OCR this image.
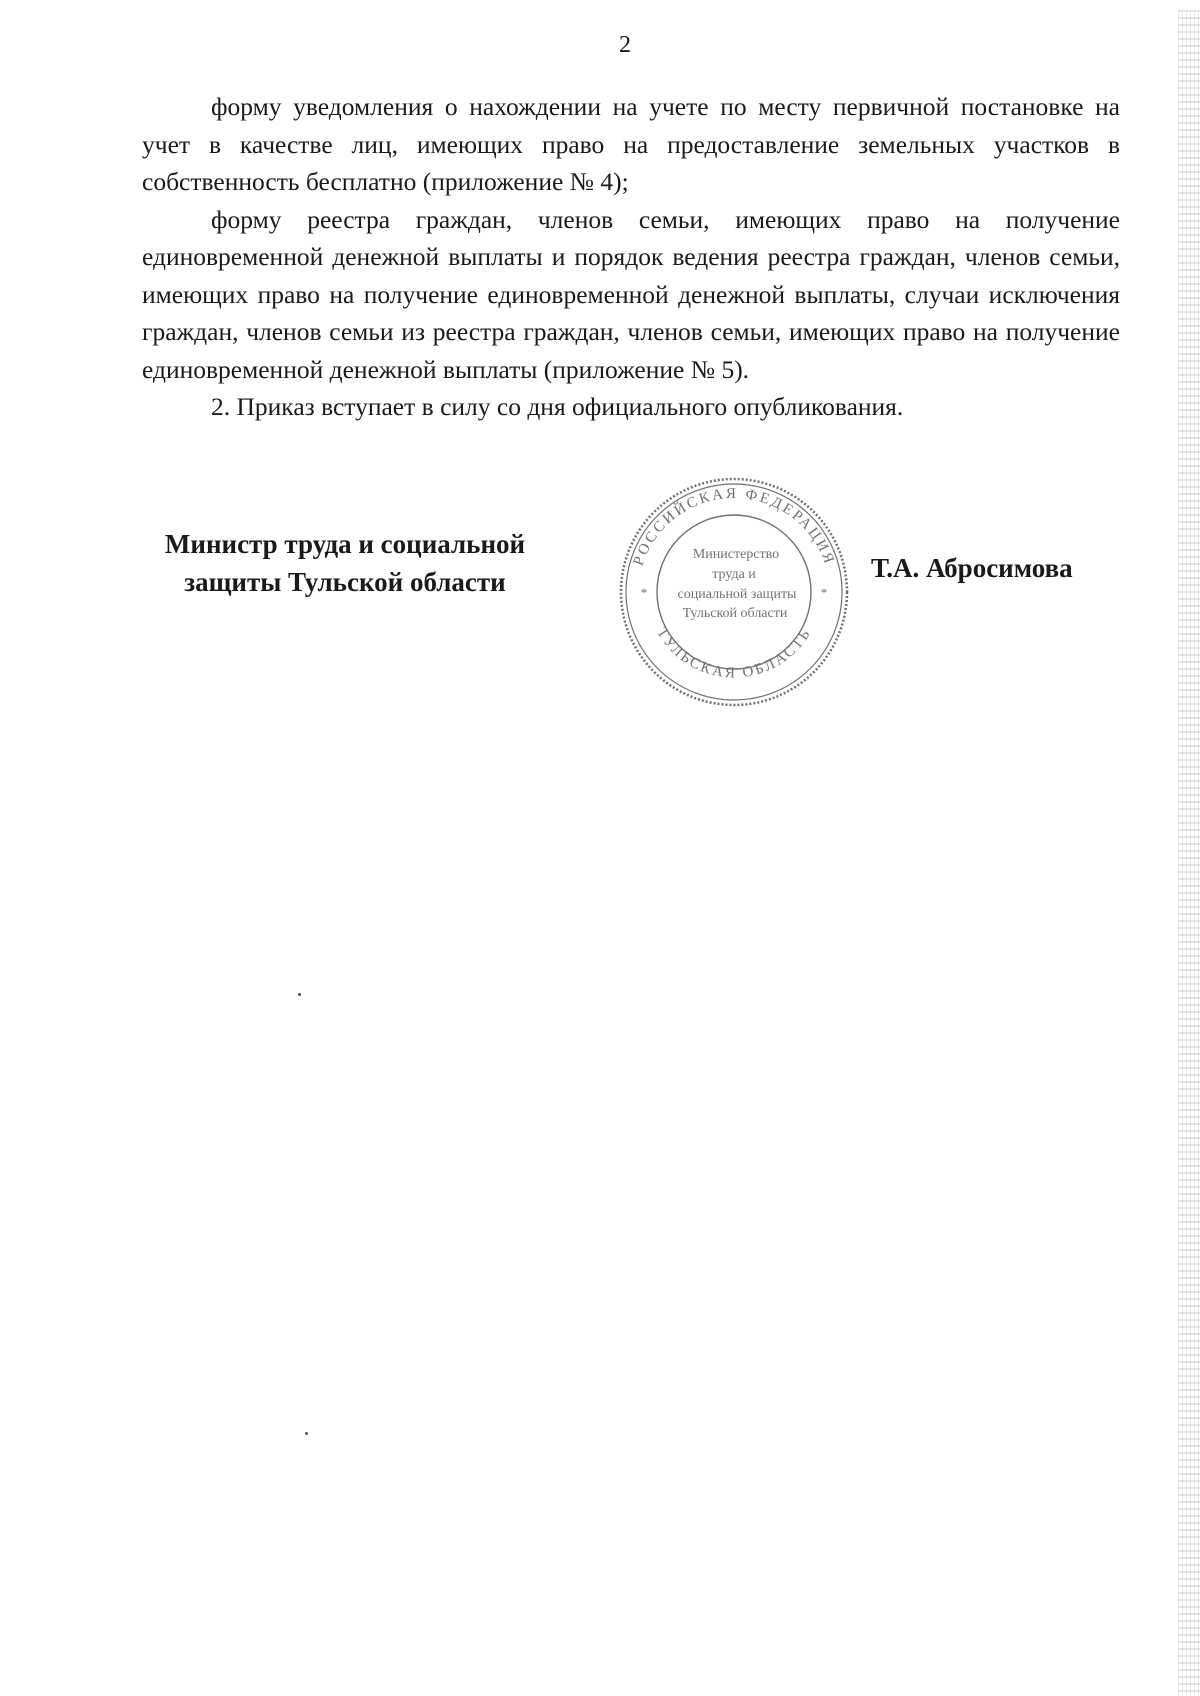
2

форму уведомления о нахождении на учете по месту первичной постановке на учет в качестве лиц, имеющих право на предоставление земельных участков в собственность бесплатно (приложение № 4);

форму реестра граждан, членов семьи, имеющих право на получение единовременной денежной выплаты и порядок ведения реестра граждан, членов семьи, имеющих право на получение единовременной денежной выплаты, случаи исключения граждан, членов семьи из реестра граждан, членов семьи, имеющих право на получение единовременной денежной выплаты (приложение № 5).

2. Приказ вступает в силу со дня официального опубликования.

Министр труда и социальной
защиты Тульской области
РОССИЙСКАЯ ФЕДЕРАЦИЯ
ТУЛЬСКАЯ ОБЛАСТЬ
*	*
Министерство
труда и
социальной защиты
Тульской области
Т.А. Абросимова
